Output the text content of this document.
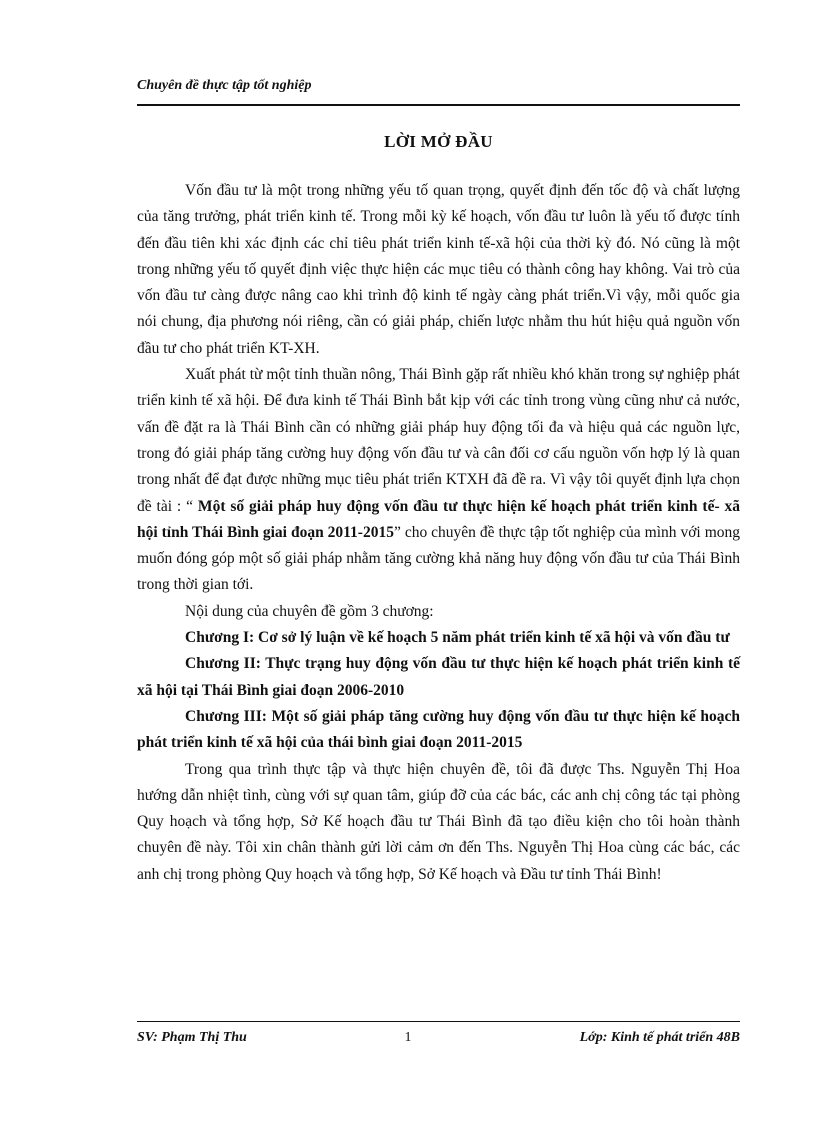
Chuyên đề thực tập tốt nghiệp
LỜI MỞ ĐẦU

Vốn đầu tư là một trong những yếu tố quan trọng, quyết định đến tốc độ và chất lượng của tăng trưởng, phát triển kinh tế. Trong mỗi kỳ kế hoạch, vốn đầu tư luôn là yếu tố được tính đến đầu tiên khi xác định các chỉ tiêu phát triển kinh tế-xã hội của thời kỳ đó. Nó cũng là một trong những yếu tố quyết định việc thực hiện các mục tiêu có thành công hay không. Vai trò của vốn đầu tư càng được nâng cao khi trình độ kinh tế ngày càng phát triển.Vì vậy, mỗi quốc gia nói chung, địa phương nói riêng, cần có giải pháp, chiến lược nhằm thu hút hiệu quả nguồn vốn đầu tư cho phát triển KT-XH.

Xuất phát từ một tỉnh thuần nông, Thái Bình gặp rất nhiều khó khăn trong sự nghiệp phát triển kinh tế xã hội. Để đưa kinh tế Thái Bình bắt kịp với các tỉnh trong vùng cũng như cả nước, vấn đề đặt ra là Thái Bình cần có những giải pháp huy động tối đa và hiệu quả các nguồn lực, trong đó giải pháp tăng cường huy động vốn đầu tư và cân đối cơ cấu nguồn vốn hợp lý là quan trong nhất để đạt được những mục tiêu phát triển KTXH đã đề ra. Vì vậy tôi quyết định lựa chọn đề tài : “ Một số giải pháp huy động vốn đầu tư thực hiện kế hoạch phát triển kinh tế- xã hội tỉnh Thái Bình giai đoạn 2011-2015” cho chuyên đề thực tập tốt nghiệp của mình với mong muốn đóng góp một số giải pháp nhằm tăng cường khả năng huy động vốn đầu tư của Thái Bình trong thời gian tới.

Nội dung của chuyên đề gồm 3 chương:

Chương I: Cơ sở lý luận về kế hoạch 5 năm phát triển kinh tế xã hội và vốn đầu tư

Chương II: Thực trạng huy động vốn đầu tư thực hiện kế hoạch phát triển kinh tế xã hội tại Thái Bình giai đoạn 2006-2010

Chương III: Một số giải pháp tăng cường huy động vốn đầu tư thực hiện kế hoạch phát triển kinh tế xã hội của thái bình giai đoạn 2011-2015

Trong qua trình thực tập và thực hiện chuyên đề, tôi đã được Ths. Nguyễn Thị Hoa hướng dẫn nhiệt tình, cùng với sự quan tâm, giúp đỡ của các bác, các anh chị công tác tại phòng Quy hoạch và tổng hợp, Sở Kế hoạch đầu tư Thái Bình đã tạo điều kiện cho tôi hoàn thành chuyên đề này. Tôi xin chân thành gửi lời cảm ơn đến Ths. Nguyễn Thị Hoa cùng các bác, các anh chị trong phòng Quy hoạch và tổng hợp, Sở Kế hoạch và Đầu tư tỉnh Thái Bình!

SV: Phạm Thị Thu	1	Lớp: Kinh tế phát triển 48B
